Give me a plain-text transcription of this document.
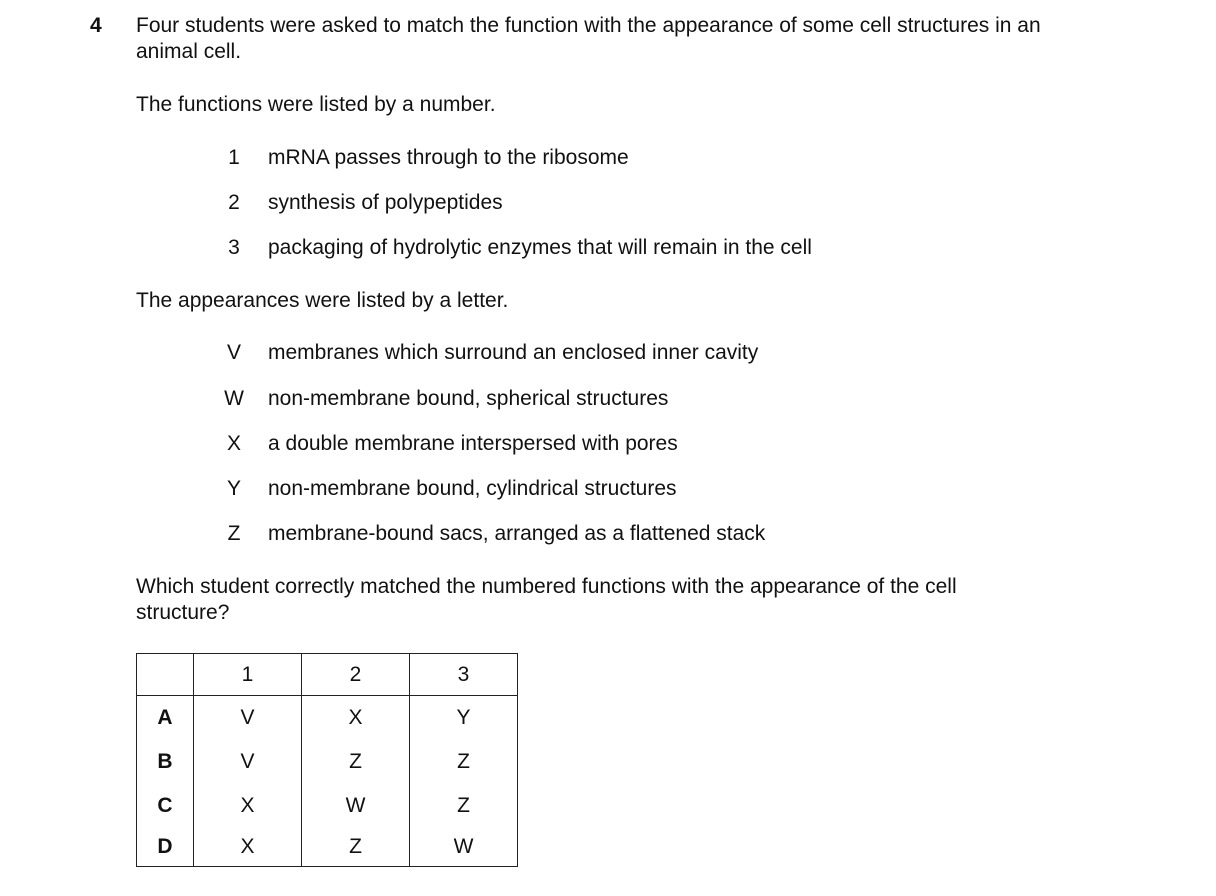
4 Four students were asked to match the function with the appearance of some cell structures in an
animal cell.
The functions were listed by a number.
1 mRNA passes through to the ribosome
2 synthesis of polypeptides
3 packaging of hydrolytic enzymes that will remain in the cell
The appearances were listed by a letter.
V membranes which surround an enclosed inner cavity
W non-membrane bound, spherical structures
X a double membrane interspersed with pores
Y non-membrane bound, cylindrical structures
Z membrane-bound sacs, arranged as a flattened stack
Which student correctly matched the numbered functions with the appearance of the cell
structure?
	1	2	3
A	V	X	Y
B	V	Z	Z
C	X	W	Z
D	X	Z	W
